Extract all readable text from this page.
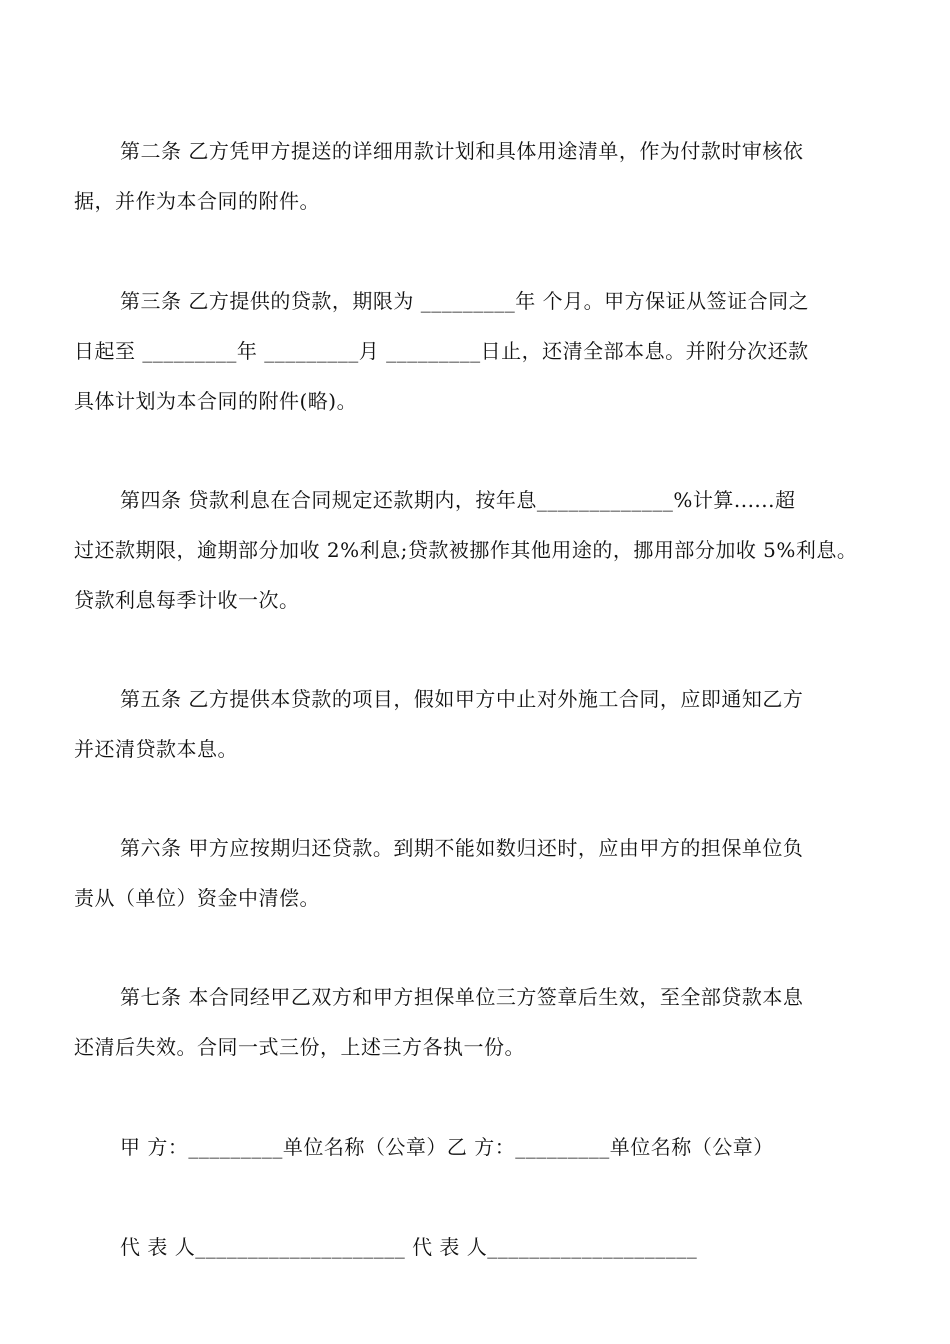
第二条 乙方凭甲方提送的详细用款计划和具体用途清单，作为付款时审核依
据，并作为本合同的附件。
第三条 乙方提供的贷款，期限为 _________年 个月。甲方保证从签证合同之
日起至 _________年 _________月 _________日止，还清全部本息。并附分次还款
具体计划为本合同的附件(略)。
第四条 贷款利息在合同规定还款期内，按年息_____________%计算......超
过还款期限，逾期部分加收 2%利息;贷款被挪作其他用途的，挪用部分加收 5%利息。
贷款利息每季计收一次。
第五条 乙方提供本贷款的项目，假如甲方中止对外施工合同，应即通知乙方
并还清贷款本息。
第六条 甲方应按期归还贷款。到期不能如数归还时，应由甲方的担保单位负
责从（单位）资金中清偿。
第七条 本合同经甲乙双方和甲方担保单位三方签章后生效，至全部贷款本息
还清后失效。合同一式三份，上述三方各执一份。
甲 方：_________单位名称（公章）乙 方：_________单位名称（公章）
代 表 人____________________ 代 表 人____________________
